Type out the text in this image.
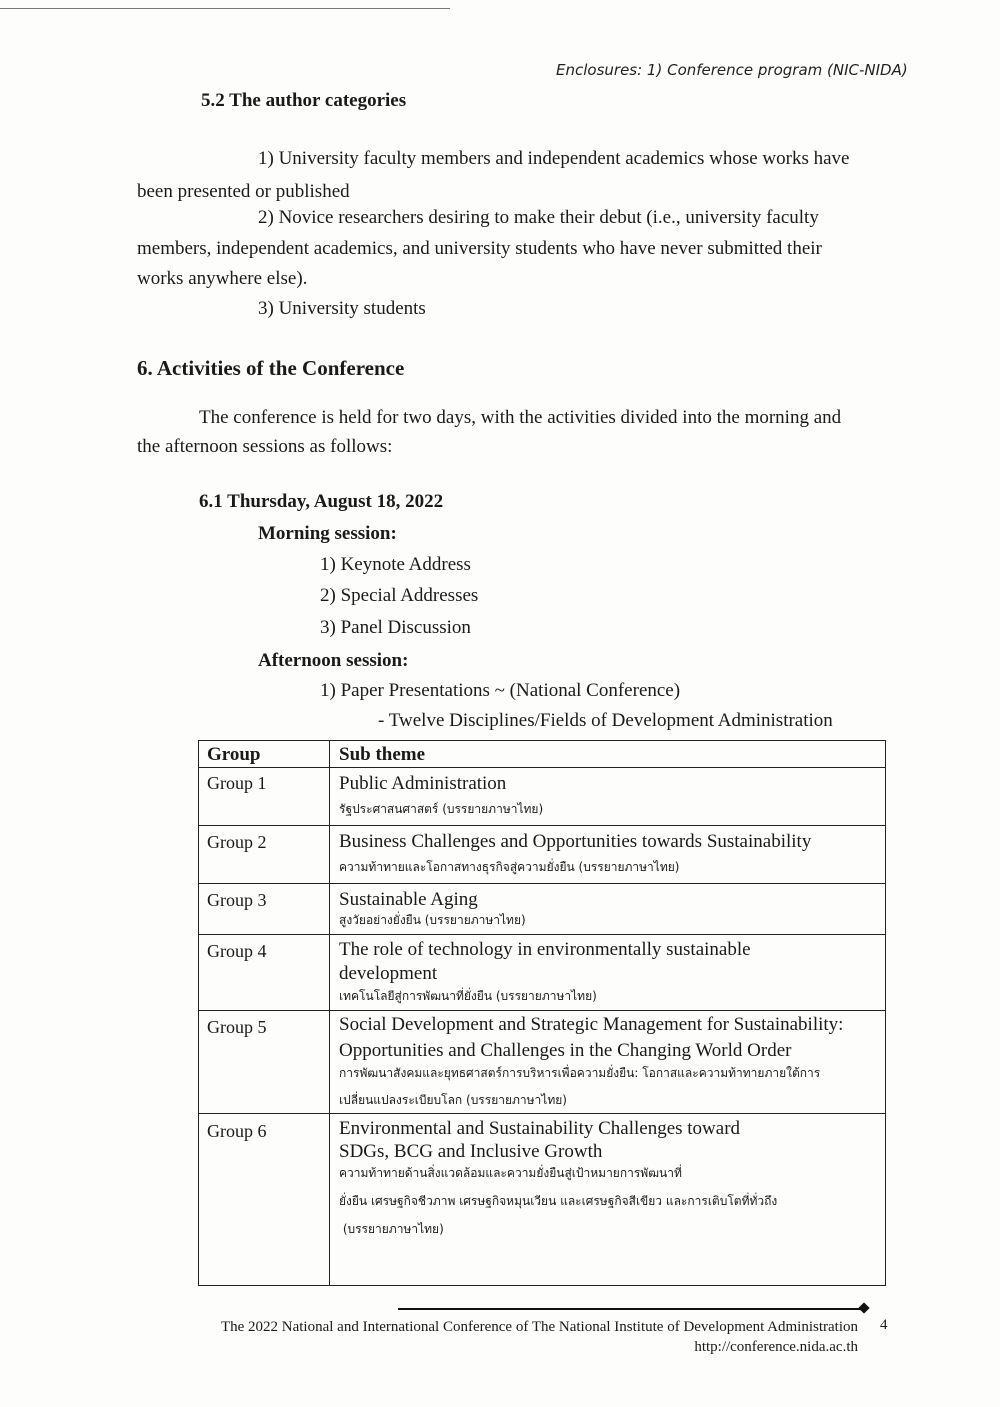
Enclosures: 1) Conference program (NIC-NIDA)
5.2 The author categories
1) University faculty members and independent academics whose works have
been presented or published
2) Novice researchers desiring to make their debut (i.e., university faculty
members, independent academics, and university students who have never submitted their
works anywhere else).
3) University students
6. Activities of the Conference
The conference is held for two days, with the activities divided into the morning and
the afternoon sessions as follows:
6.1 Thursday, August 18, 2022
Morning session:
1) Keynote Address
2) Special Addresses
3) Panel Discussion
Afternoon session:
1) Paper Presentations ~ (National Conference)
- Twelve Disciplines/Fields of Development Administration
Group	Sub theme
Group 1	Public Administration
รัฐประศาสนศาสตร์ (บรรยายภาษาไทย)
Group 2	Business Challenges and Opportunities towards Sustainability
ความท้าทายและโอกาสทางธุรกิจสู่ความยั่งยืน (บรรยายภาษาไทย)
Group 3	Sustainable Aging
สูงวัยอย่างยั่งยืน (บรรยายภาษาไทย)
Group 4	The role of technology in environmentally sustainable
development
เทคโนโลยีสู่การพัฒนาที่ยั่งยืน (บรรยายภาษาไทย)
Group 5	Social Development and Strategic Management for Sustainability:
Opportunities and Challenges in the Changing World Order
การพัฒนาสังคมและยุทธศาสตร์การบริหารเพื่อความยั่งยืน: โอกาสและความท้าทายภายใต้การ
เปลี่ยนแปลงระเบียบโลก (บรรยายภาษาไทย)
Group 6	Environmental and Sustainability Challenges toward
SDGs, BCG and Inclusive Growth
ความท้าทายด้านสิ่งแวดล้อมและความยั่งยืนสู่เป้าหมายการพัฒนาที่
ยั่งยืน เศรษฐกิจชีวภาพ เศรษฐกิจหมุนเวียน และเศรษฐกิจสีเขียว และการเติบโตที่ทั่วถึง
(บรรยายภาษาไทย)
The 2022 National and International Conference of The National Institute of Development Administration 4
http://conference.nida.ac.th
